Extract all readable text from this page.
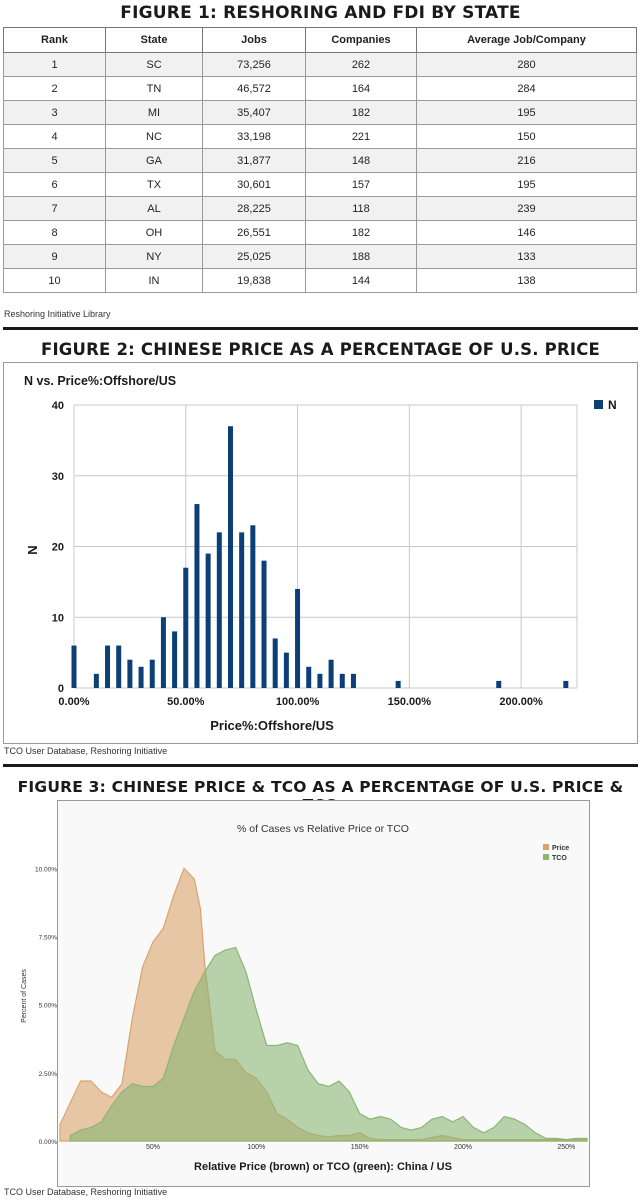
FIGURE 1: RESHORING AND FDI BY STATE
Rank	State	Jobs	Companies	Average Job/Company
1	SC	73,256	262	280
2	TN	46,572	164	284
3	MI	35,407	182	195
4	NC	33,198	221	150
5	GA	31,877	148	216
6	TX	30,601	157	195
7	AL	28,225	118	239
8	OH	26,551	182	146
9	NY	25,025	188	133
10	IN	19,838	144	138
Reshoring Initiative Library
FIGURE 2: CHINESE PRICE AS A PERCENTAGE OF U.S. PRICE
N vs. Price%:Offshore/US
0
10
20
30
40
0.00%	50.00%	100.00%	150.00%	200.00%
Price%:Offshore/US
N
N
TCO User Database, Reshoring Initiative
FIGURE 3: CHINESE PRICE & TCO AS A PERCENTAGE OF U.S. PRICE &
% of Cases vs Relative Price or TCO
0.00%
2.50%
5.00%
7.50%
10.00%
50%	100%	150%	200%	250%
Relative Price (brown) or TCO (green): China / US
Percent of Cases
Price
TCO
TCO User Database, Reshoring Initiative
